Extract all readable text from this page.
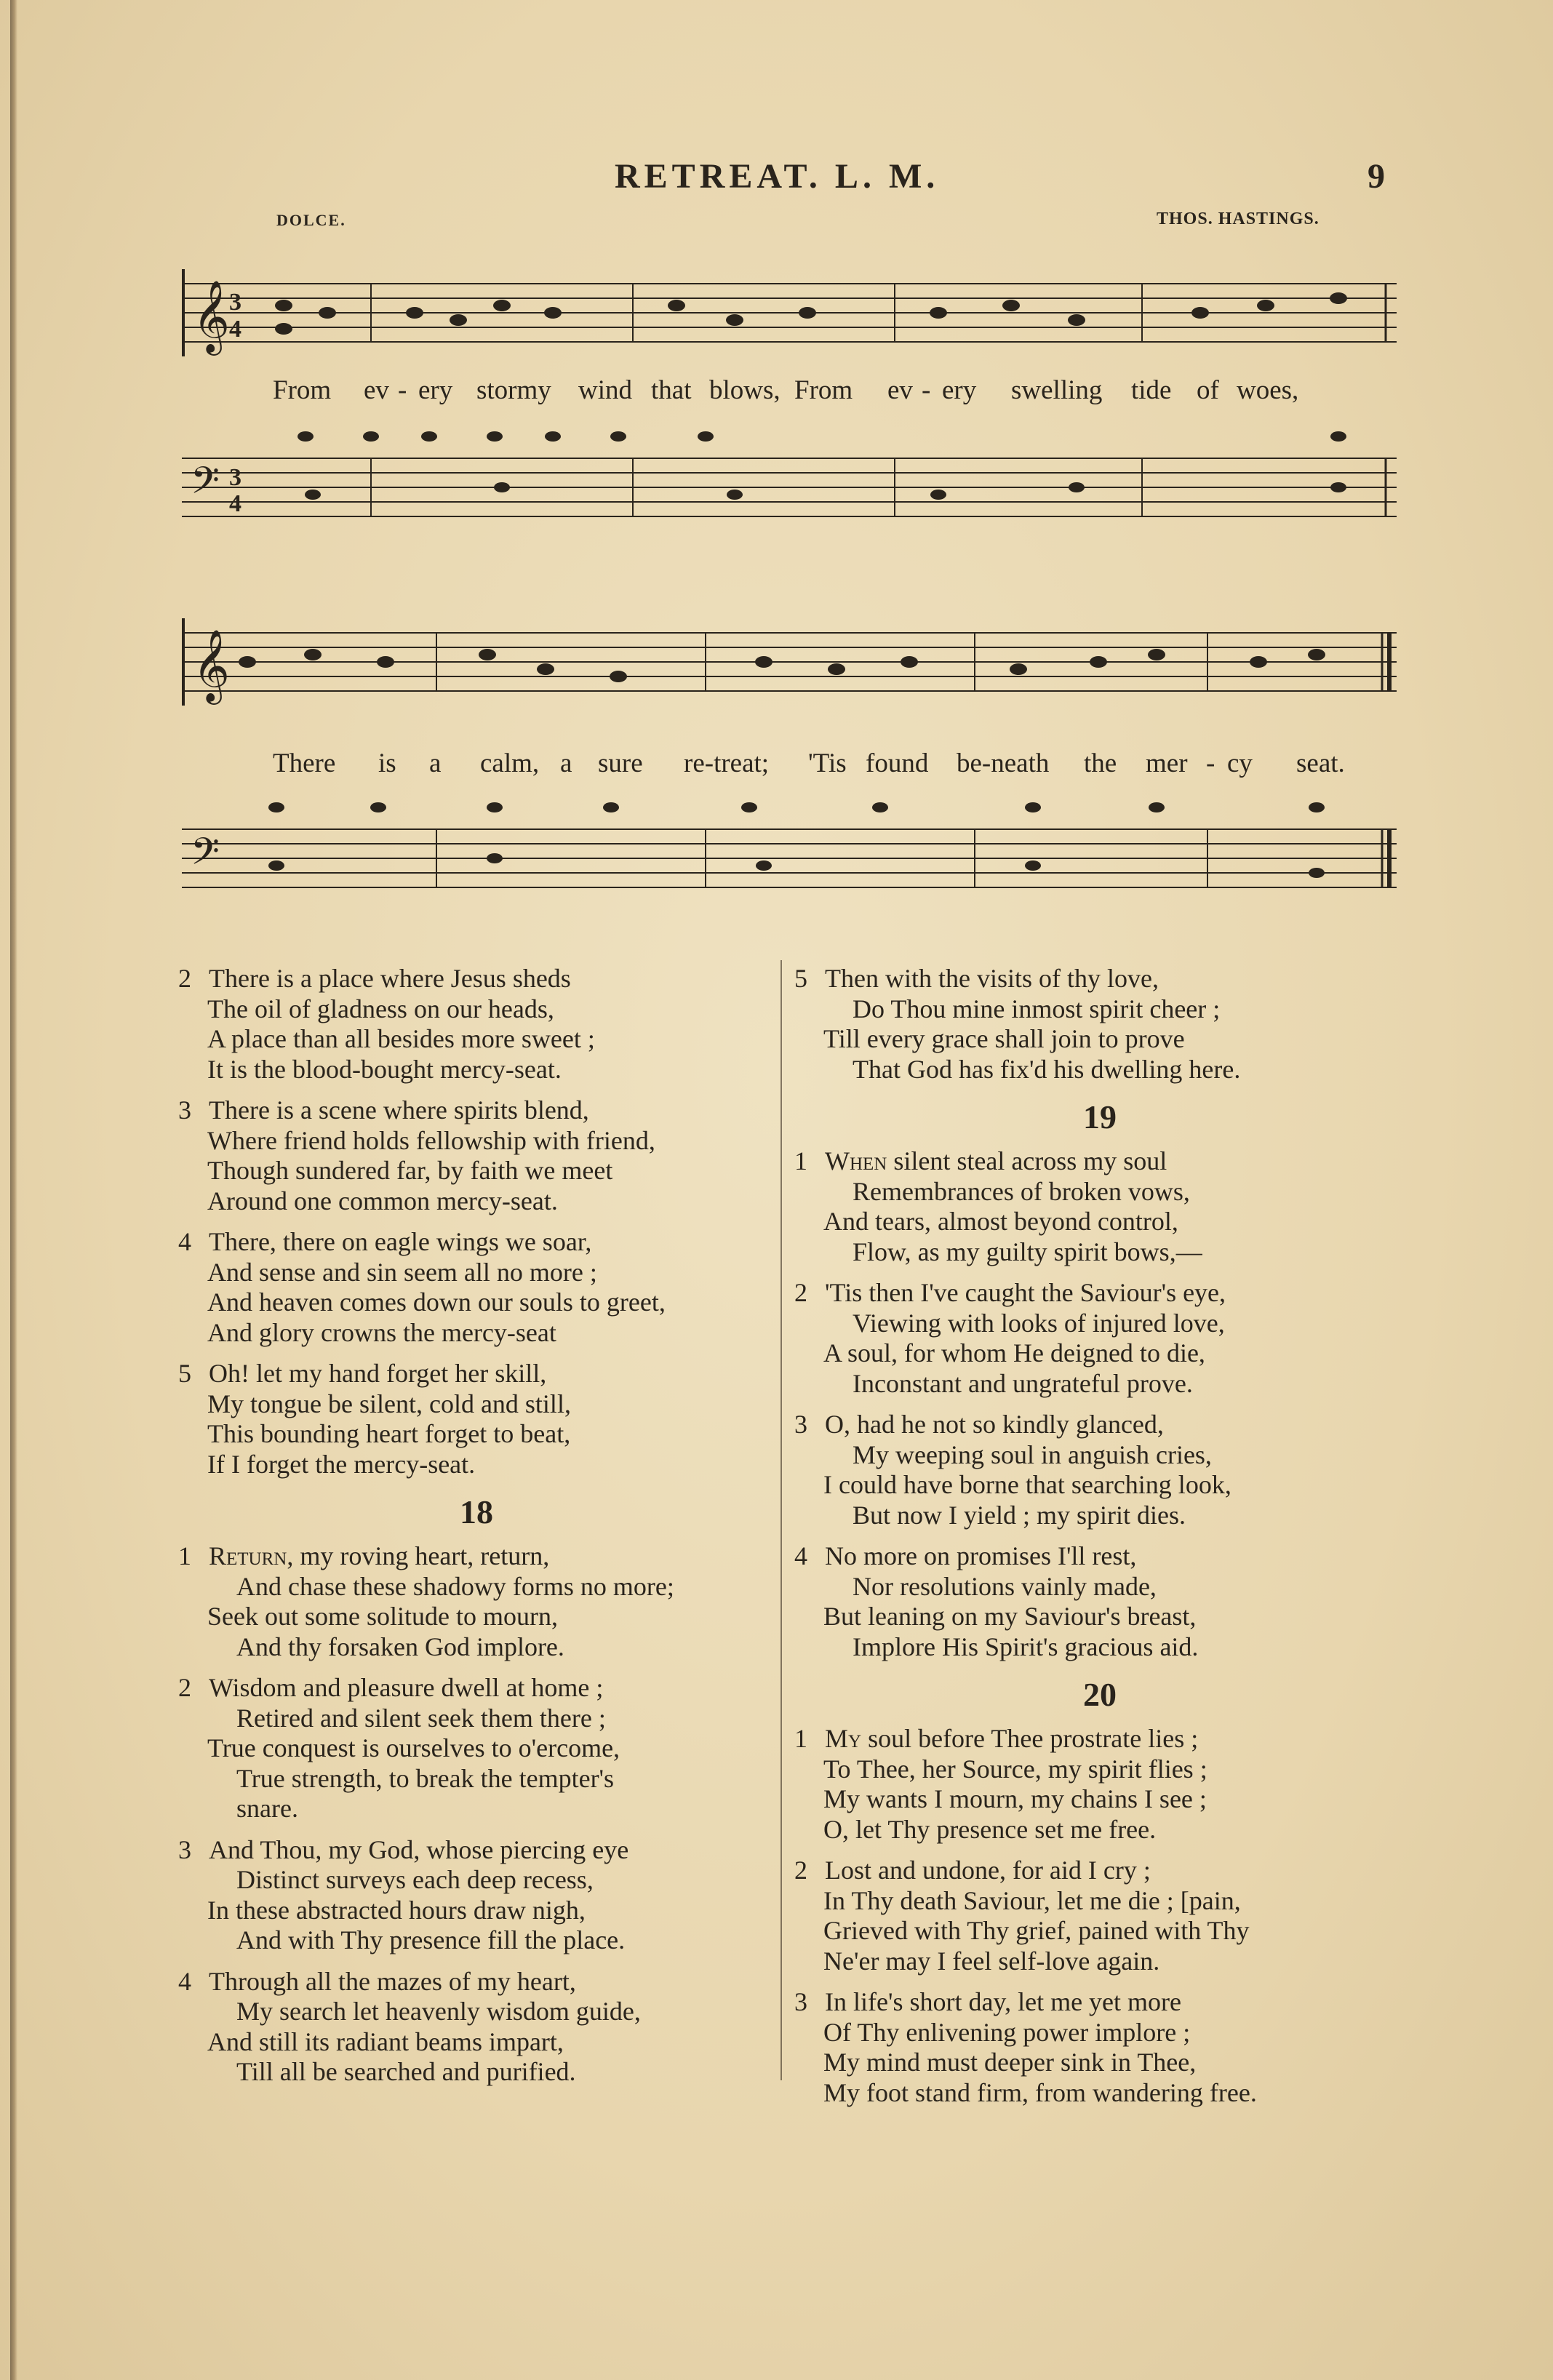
RETREAT. L. M.	9
DOLCE.	THOS. HASTINGS.
𝄞 3
4
From ev - ery stormy wind that blows, From ev - ery swelling tide of woes,
𝄢 3
4
𝄞
There is a calm, a sure re-treat; 'Tis found be-neath the mer - cy seat.
𝄢
2 There is a place where Jesus sheds
The oil of gladness on our heads,
A place than all besides more sweet ;
It is the blood-bought mercy-seat.
3 There is a scene where spirits blend,
Where friend holds fellowship with friend,
Though sundered far, by faith we meet
Around one common mercy-seat.
4 There, there on eagle wings we soar,
And sense and sin seem all no more ;
And heaven comes down our souls to greet,
And glory crowns the mercy-seat
5 Oh! let my hand forget her skill,
My tongue be silent, cold and still,
This bounding heart forget to beat,
If I forget the mercy-seat.
18
1 Return, my roving heart, return,
And chase these shadowy forms no more;
Seek out some solitude to mourn,
And thy forsaken God implore.
2 Wisdom and pleasure dwell at home ;
Retired and silent seek them there ;
True conquest is ourselves to o'ercome,
True strength, to break the tempter's
snare.
3 And Thou, my God, whose piercing eye
Distinct surveys each deep recess,
In these abstracted hours draw nigh,
And with Thy presence fill the place.
4 Through all the mazes of my heart,
My search let heavenly wisdom guide,
And still its radiant beams impart,
Till all be searched and purified.
5 Then with the visits of thy love,
Do Thou mine inmost spirit cheer ;
Till every grace shall join to prove
That God has fix'd his dwelling here.
19
1 When silent steal across my soul
Remembrances of broken vows,
And tears, almost beyond control,
Flow, as my guilty spirit bows,—
2 'Tis then I've caught the Saviour's eye,
Viewing with looks of injured love,
A soul, for whom He deigned to die,
Inconstant and ungrateful prove.
3 O, had he not so kindly glanced,
My weeping soul in anguish cries,
I could have borne that searching look,
But now I yield ; my spirit dies.
4 No more on promises I'll rest,
Nor resolutions vainly made,
But leaning on my Saviour's breast,
Implore His Spirit's gracious aid.
20
1 My soul before Thee prostrate lies ;
To Thee, her Source, my spirit flies ;
My wants I mourn, my chains I see ;
O, let Thy presence set me free.
2 Lost and undone, for aid I cry ;
In Thy death Saviour, let me die ; [pain,
Grieved with Thy grief, pained with Thy
Ne'er may I feel self-love again.
3 In life's short day, let me yet more
Of Thy enlivening power implore ;
My mind must deeper sink in Thee,
My foot stand firm, from wandering free.
